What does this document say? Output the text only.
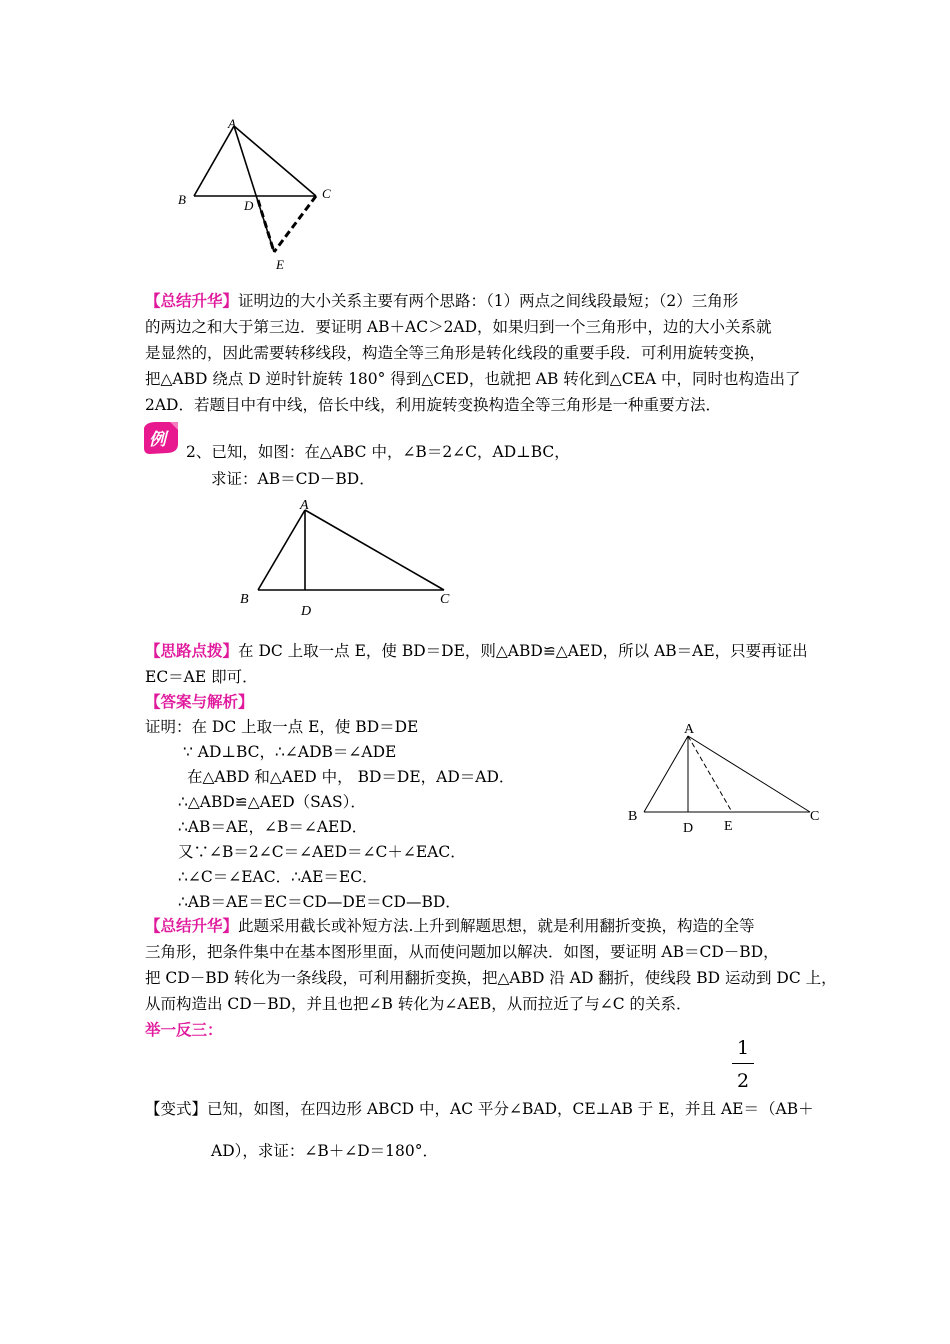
A
B	C
D
E
【总结升华】证明边的大小关系主要有两个思路：（1）两点之间线段最短；（2）三角形
的两边之和大于第三边．要证明 AB＋AC＞2AD，如果归到一个三角形中，边的大小关系就
是显然的，因此需要转移线段，构造全等三角形是转化线段的重要手段．可利用旋转变换，
把△ABD 绕点 D 逆时针旋转 180° 得到△CED，也就把 AB 转化到△CEA 中，同时也构造出了
2AD．若题目中有中线，倍长中线，利用旋转变换构造全等三角形是一种重要方法．
例
2、已知，如图：在△ABC 中，∠B＝2∠C，AD⊥BC，
求证：AB＝CD－BD．
A
B	C
D
【思路点拨】在 DC 上取一点 E，使 BD＝DE，则△ABD≌△AED，所以 AB＝AE，只要再证出
EC＝AE 即可．
【答案与解析】
证明：在 DC 上取一点 E，使 BD＝DE
∵ AD⊥BC，∴∠ADB＝∠ADE
在△ABD 和△AED 中， BD＝DE，AD＝AD．
∴△ABD≌△AED（SAS）．
∴AB＝AE，∠B＝∠AED．
又∵∠B＝2∠C＝∠AED＝∠C＋∠EAC．
∴∠C＝∠EAC．∴AE＝EC．
∴AB＝AE＝EC＝CD—DE＝CD—BD．
A
B	C
D E
【总结升华】此题采用截长或补短方法.上升到解题思想，就是利用翻折变换，构造的全等
三角形，把条件集中在基本图形里面，从而使问题加以解决．如图，要证明 AB＝CD－BD，
把 CD－BD 转化为一条线段，可利用翻折变换，把△ABD 沿 AD 翻折，使线段 BD 运动到 DC 上，
从而构造出 CD－BD，并且也把∠B 转化为∠AEB，从而拉近了与∠C 的关系．
举一反三：
【变式】已知，如图，在四边形 ABCD 中，AC 平分∠BAD，CE⊥AB 于 E，并且 AE＝
1
2
（AB＋
AD），求证：∠B＋∠D＝180°．
